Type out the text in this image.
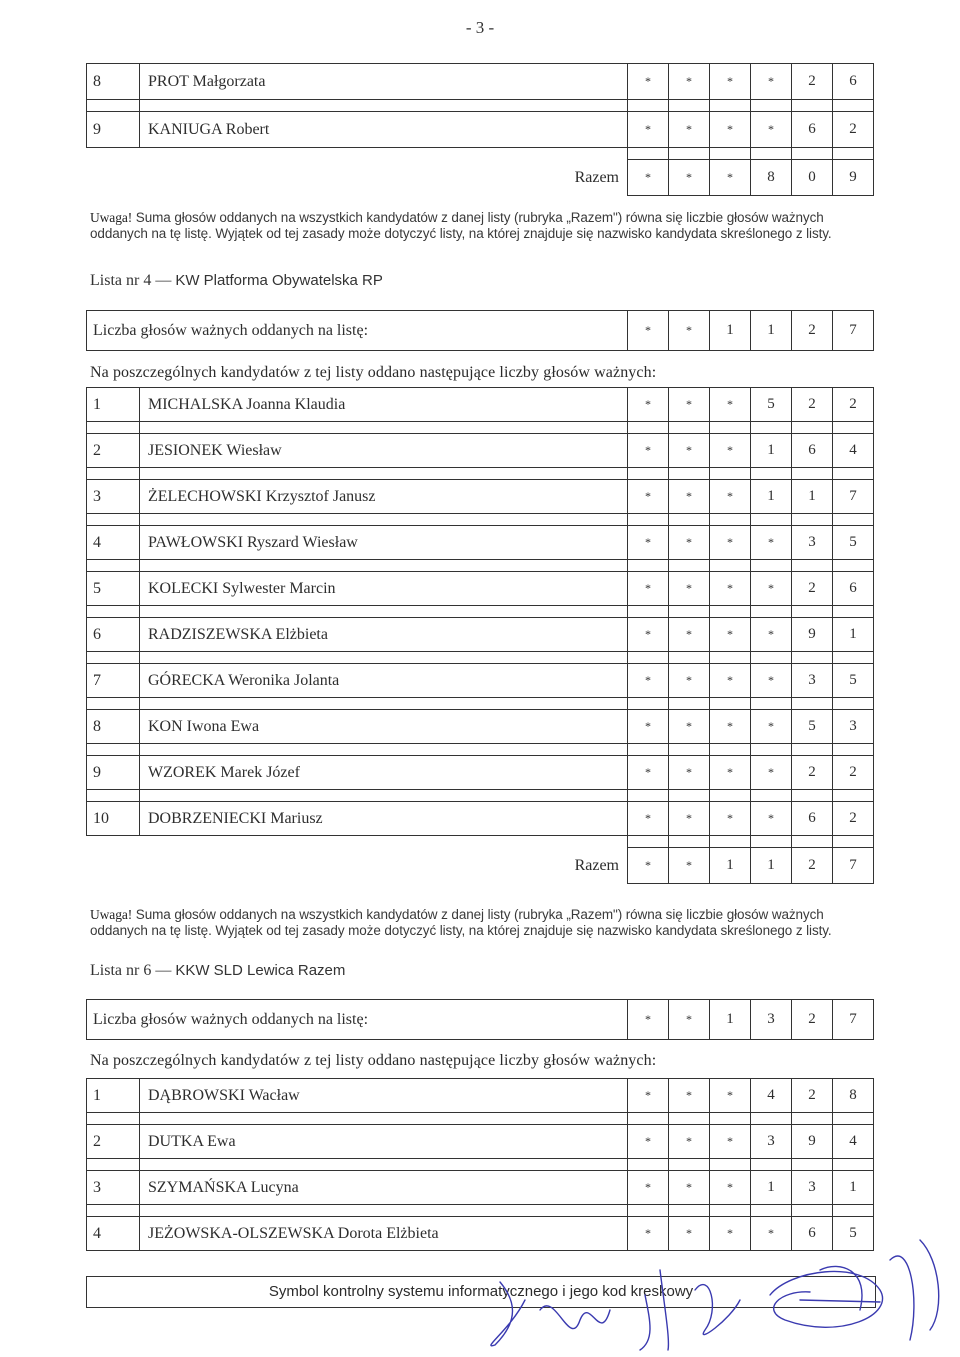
- 3 -
8	PROT Małgorzata	*	*	*	*	2	6

9	KANIUGA Robert	*	*	*	*	6	2

Razem		*	*	*	8	0	9
Uwaga! Suma głosów oddanych na wszystkich kandydatów z danej listy (rubryka „Razem") równa się liczbie głosów ważnych oddanych na tę listę. Wyjątek od tej zasady może dotyczyć listy, na której znajduje się nazwisko kandydata skreślonego z listy.
Lista nr 4 — KW Platforma Obywatelska RP
Liczba głosów ważnych oddanych na listę:	*	*	1	1	2	7
Na poszczególnych kandydatów z tej listy oddano następujące liczby głosów ważnych:
1	MICHALSKA Joanna Klaudia	*	*	*	5	2	2

2	JESIONEK Wiesław	*	*	*	1	6	4

3	ŻELECHOWSKI Krzysztof Janusz	*	*	*	1	1	7

4	PAWŁOWSKI Ryszard Wiesław	*	*	*	*	3	5

5	KOLECKI Sylwester Marcin	*	*	*	*	2	6

6	RADZISZEWSKA Elżbieta	*	*	*	*	9	1

7	GÓRECKA Weronika Jolanta	*	*	*	*	3	5

8	KON Iwona Ewa	*	*	*	*	5	3

9	WZOREK Marek Józef	*	*	*	*	2	2

10	DOBRZENIECKI Mariusz	*	*	*	*	6	2

Razem		*	*	1	1	2	7
Uwaga! Suma głosów oddanych na wszystkich kandydatów z danej listy (rubryka „Razem") równa się liczbie głosów ważnych oddanych na tę listę. Wyjątek od tej zasady może dotyczyć listy, na której znajduje się nazwisko kandydata skreślonego z listy.
Lista nr 6 — KKW SLD Lewica Razem
Liczba głosów ważnych oddanych na listę:	*	*	1	3	2	7
Na poszczególnych kandydatów z tej listy oddano następujące liczby głosów ważnych:
1	DĄBROWSKI Wacław	*	*	*	4	2	8

2	DUTKA Ewa	*	*	*	3	9	4

3	SZYMAŃSKA Lucyna	*	*	*	1	3	1

4	JEŻOWSKA-OLSZEWSKA Dorota Elżbieta	*	*	*	*	6	5
Symbol kontrolny systemu informatycznego i jego kod kreskowy
